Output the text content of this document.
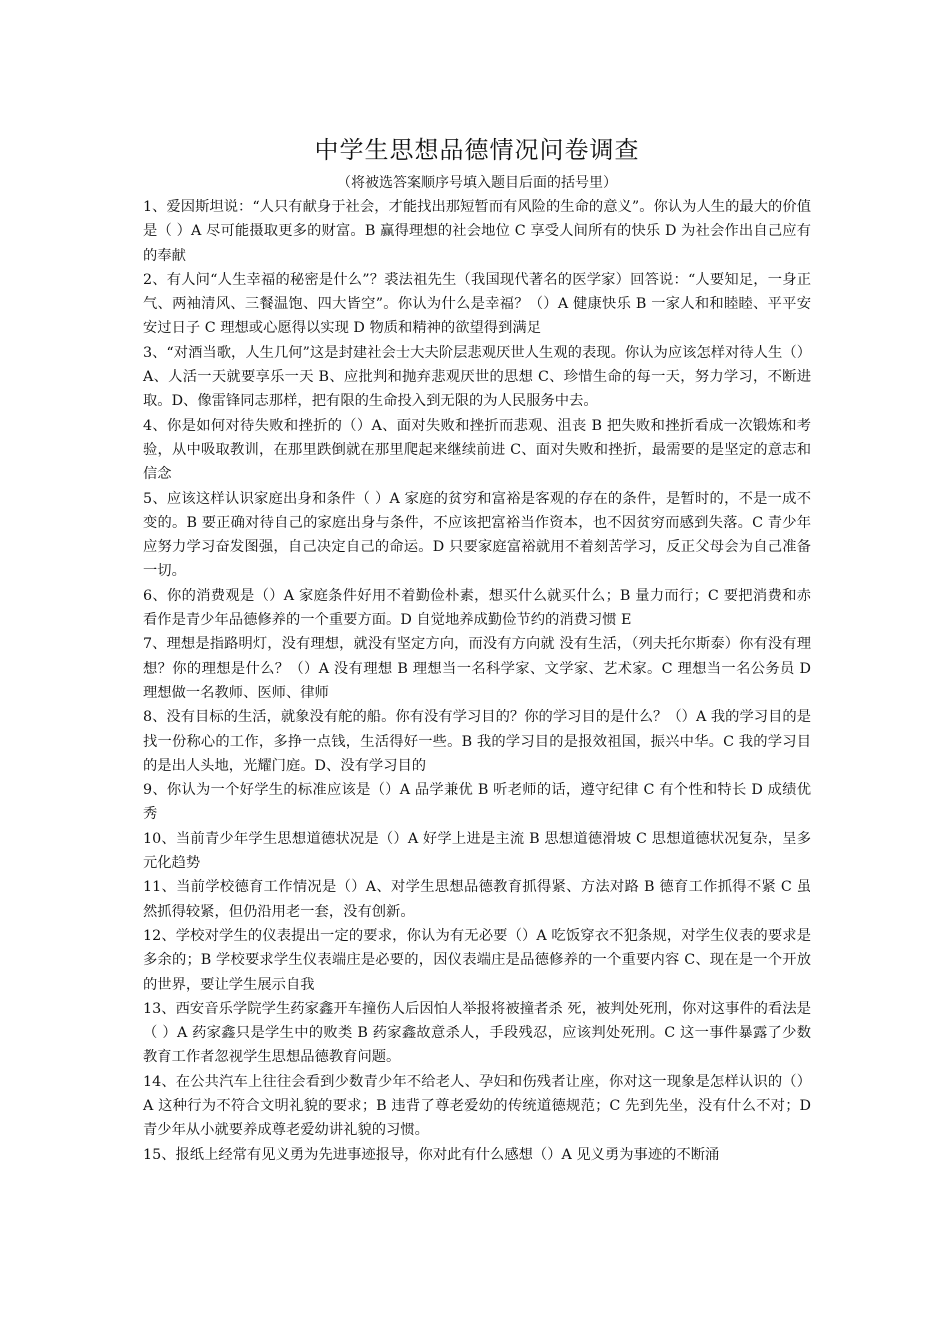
中学生思想品德情况问卷调查

（将被选答案顺序号填入题目后面的括号里）

1、爱因斯坦说：“人只有献身于社会，才能找出那短暂而有风险的生命的意义”。你认为人生的最大的价值是（ ）A 尽可能摄取更多的财富。B 赢得理想的社会地位 C 享受人间所有的快乐 D 为社会作出自己应有的奉献

2、有人问“人生幸福的秘密是什么”？裘法祖先生（我国现代著名的医学家）回答说：“人要知足，一身正气、两袖清风、三餐温饱、四大皆空”。你认为什么是幸福？（）A 健康快乐 B 一家人和和睦睦、平平安安过日子 C 理想或心愿得以实现 D 物质和精神的欲望得到满足

3、“对酒当歌，人生几何”这是封建社会士大夫阶层悲观厌世人生观的表现。你认为应该怎样对待人生（）A、人活一天就要享乐一天 B、应批判和抛弃悲观厌世的思想 C、珍惜生命的每一天，努力学习，不断进取。D、像雷锋同志那样，把有限的生命投入到无限的为人民服务中去。

4、你是如何对待失败和挫折的（）A、面对失败和挫折而悲观、沮丧 B 把失败和挫折看成一次锻炼和考验，从中吸取教训，在那里跌倒就在那里爬起来继续前进 C、面对失败和挫折，最需要的是坚定的意志和信念

5、应该这样认识家庭出身和条件（ ）A 家庭的贫穷和富裕是客观的存在的条件，是暂时的，不是一成不变的。B 要正确对待自己的家庭出身与条件，不应该把富裕当作资本，也不因贫穷而感到失落。C 青少年应努力学习奋发图强，自己决定自己的命运。D 只要家庭富裕就用不着刻苦学习，反正父母会为自己准备一切。

6、你的消费观是（）A 家庭条件好用不着勤俭朴素，想买什么就买什么；B 量力而行；C 要把消费和赤看作是青少年品德修养的一个重要方面。D 自觉地养成勤俭节约的消费习惯 E

7、理想是指路明灯，没有理想，就没有坚定方向，而没有方向就 没有生活，（列夫托尔斯泰）你有没有理想？你的理想是什么？（）A 没有理想 B 理想当一名科学家、文学家、艺术家。C 理想当一名公务员 D 理想做一名教师、医师、律师

8、没有目标的生活，就象没有舵的船。你有没有学习目的？你的学习目的是什么？（）A 我的学习目的是找一份称心的工作，多挣一点钱，生活得好一些。B 我的学习目的是报效祖国，振兴中华。C 我的学习目的是出人头地，光耀门庭。D、没有学习目的

9、你认为一个好学生的标准应该是（）A 品学兼优 B 听老师的话，遵守纪律 C 有个性和特长 D 成绩优秀

10、当前青少年学生思想道德状况是（）A 好学上进是主流 B 思想道德滑坡 C 思想道德状况复杂，呈多元化趋势

11、当前学校德育工作情况是（）A、对学生思想品德教育抓得紧、方法对路 B 德育工作抓得不紧 C 虽然抓得较紧，但仍沿用老一套，没有创新。

12、学校对学生的仪表提出一定的要求，你认为有无必要（）A 吃饭穿衣不犯条规，对学生仪表的要求是多余的；B 学校要求学生仪表端庄是必要的，因仪表端庄是品德修养的一个重要内容 C、现在是一个开放的世界，要让学生展示自我

13、西安音乐学院学生药家鑫开车撞伤人后因怕人举报将被撞者杀 死，被判处死刑，你对这事件的看法是（ ）A 药家鑫只是学生中的败类 B 药家鑫故意杀人，手段残忍，应该判处死刑。C 这一事件暴露了少数教育工作者忽视学生思想品德教育问题。

14、在公共汽车上往往会看到少数青少年不给老人、孕妇和伤残者让座，你对这一现象是怎样认识的（） A 这种行为不符合文明礼貌的要求；B 违背了尊老爱幼的传统道德规范；C 先到先坐，没有什么不对；D 青少年从小就要养成尊老爱幼讲礼貌的习惯。

15、报纸上经常有见义勇为先进事迹报导，你对此有什么感想（）A 见义勇为事迹的不断涌
